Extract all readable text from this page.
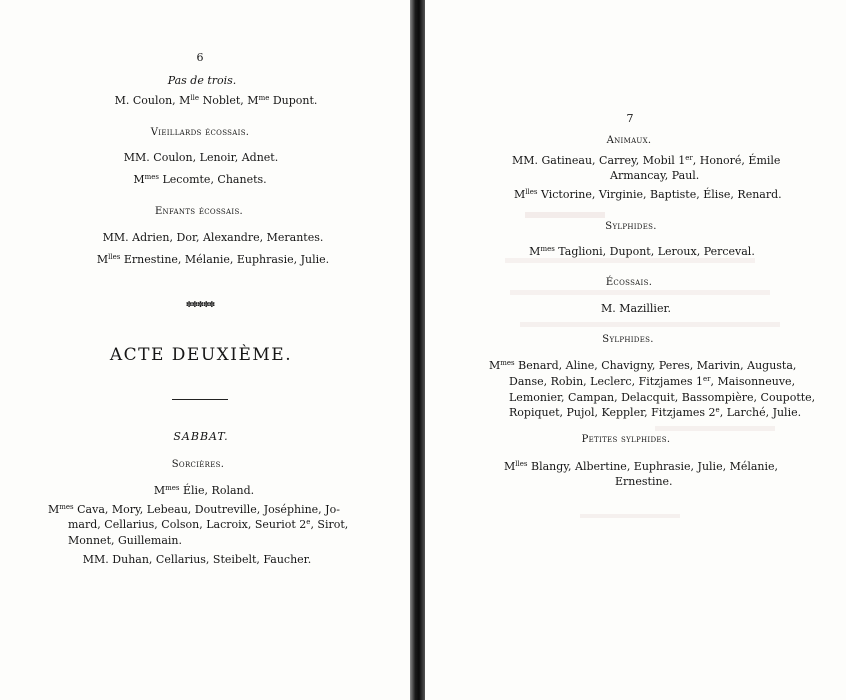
6
Pas de trois.
M. Coulon, $M^{lle}$ Noblet, $M^{me}$ Dupont.
Vieillards écossais.
MM. Coulon, Lenoir, Adnet.
$M^{mes}$ Lecomte, Chanets.
Enfants écossais.
MM. Adrien, Dor, Alexandre, Merantes.
$M^{lles}$ Ernestine, Mélanie, Euphrasie, Julie.
✽✽✽✽✽
ACTE DEUXIÈME.
SABBAT.
Sorcières.
$M^{mes}$ Élie, Roland.
$M^{mes}$ Cava, Mory, Lebeau, Doutreville, Joséphine, Jo-
mard, Cellarius, Colson, Lacroix, Seuriot 2e, Sirot,
Monnet, Guillemain.
MM. Duhan, Cellarius, Steibelt, Faucher.
7
Animaux.
MM. Gatineau, Carrey, Mobil 1er, Honoré, Émile
Armancay, Paul.
$M^{lles}$ Victorine, Virginie, Baptiste, Élise, Renard.
Sylphides.
$M^{mes}$ Taglioni, Dupont, Leroux, Perceval.
Écossais.
M. Mazillier.
Sylphides.
$M^{mes}$ Benard, Aline, Chavigny, Peres, Marivin, Augusta,
Danse, Robin, Leclerc, Fitzjames 1er, Maisonneuve,
Lemonier, Campan, Delacquit, Bassompière, Coupotte,
Ropiquet, Pujol, Keppler, Fitzjames 2e, Larché, Julie.
Petites sylphides.
$M^{lles}$ Blangy, Albertine, Euphrasie, Julie, Mélanie,
Ernestine.
